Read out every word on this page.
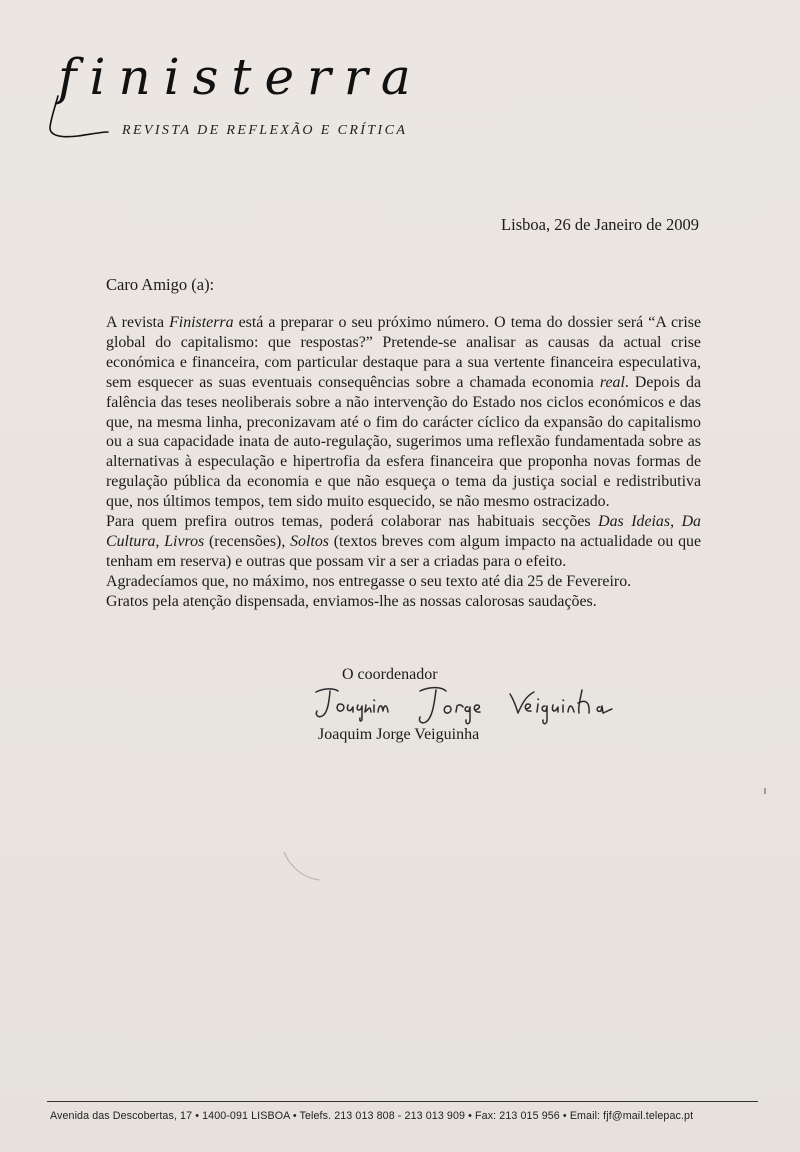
finisterra
REVISTA DE REFLEXÃO E CRÍTICA
Lisboa, 26 de Janeiro de 2009
Caro Amigo (a):

A revista Finisterra está a preparar o seu próximo número. O tema do dossier será “A crise global do capitalismo: que respostas?” Pretende-se analisar as causas da actual crise económica e financeira, com particular destaque para a sua vertente financeira especulativa, sem esquecer as suas eventuais consequências sobre a chamada economia real. Depois da falência das teses neoliberais sobre a não intervenção do Estado nos ciclos económicos e das que, na mesma linha, preconizavam até o fim do carácter cíclico da expansão do capitalismo ou a sua capacidade inata de auto-regulação, sugerimos uma reflexão fundamentada sobre as alternativas à especulação e hipertrofia da esfera financeira que proponha novas formas de regulação pública da economia e que não esqueça o tema da justiça social e redistributiva que, nos últimos tempos, tem sido muito esquecido, se não mesmo ostracizado.

Para quem prefira outros temas, poderá colaborar nas habituais secções Das Ideias, Da Cultura, Livros (recensões), Soltos (textos breves com algum impacto na actualidade ou que tenham em reserva) e outras que possam vir a ser a criadas para o efeito.

Agradecíamos que, no máximo, nos entregasse o seu texto até dia 25 de Fevereiro.

Gratos pela atenção dispensada, enviamos-lhe as nossas calorosas saudações.

O coordenador
Joaquim Jorge Veiguinha
Avenida das Descobertas, 17 • 1400-091 LISBOA • Telefs. 213 013 808 - 213 013 909 • Fax: 213 015 956 • Email: fjf@mail.telepac.pt
